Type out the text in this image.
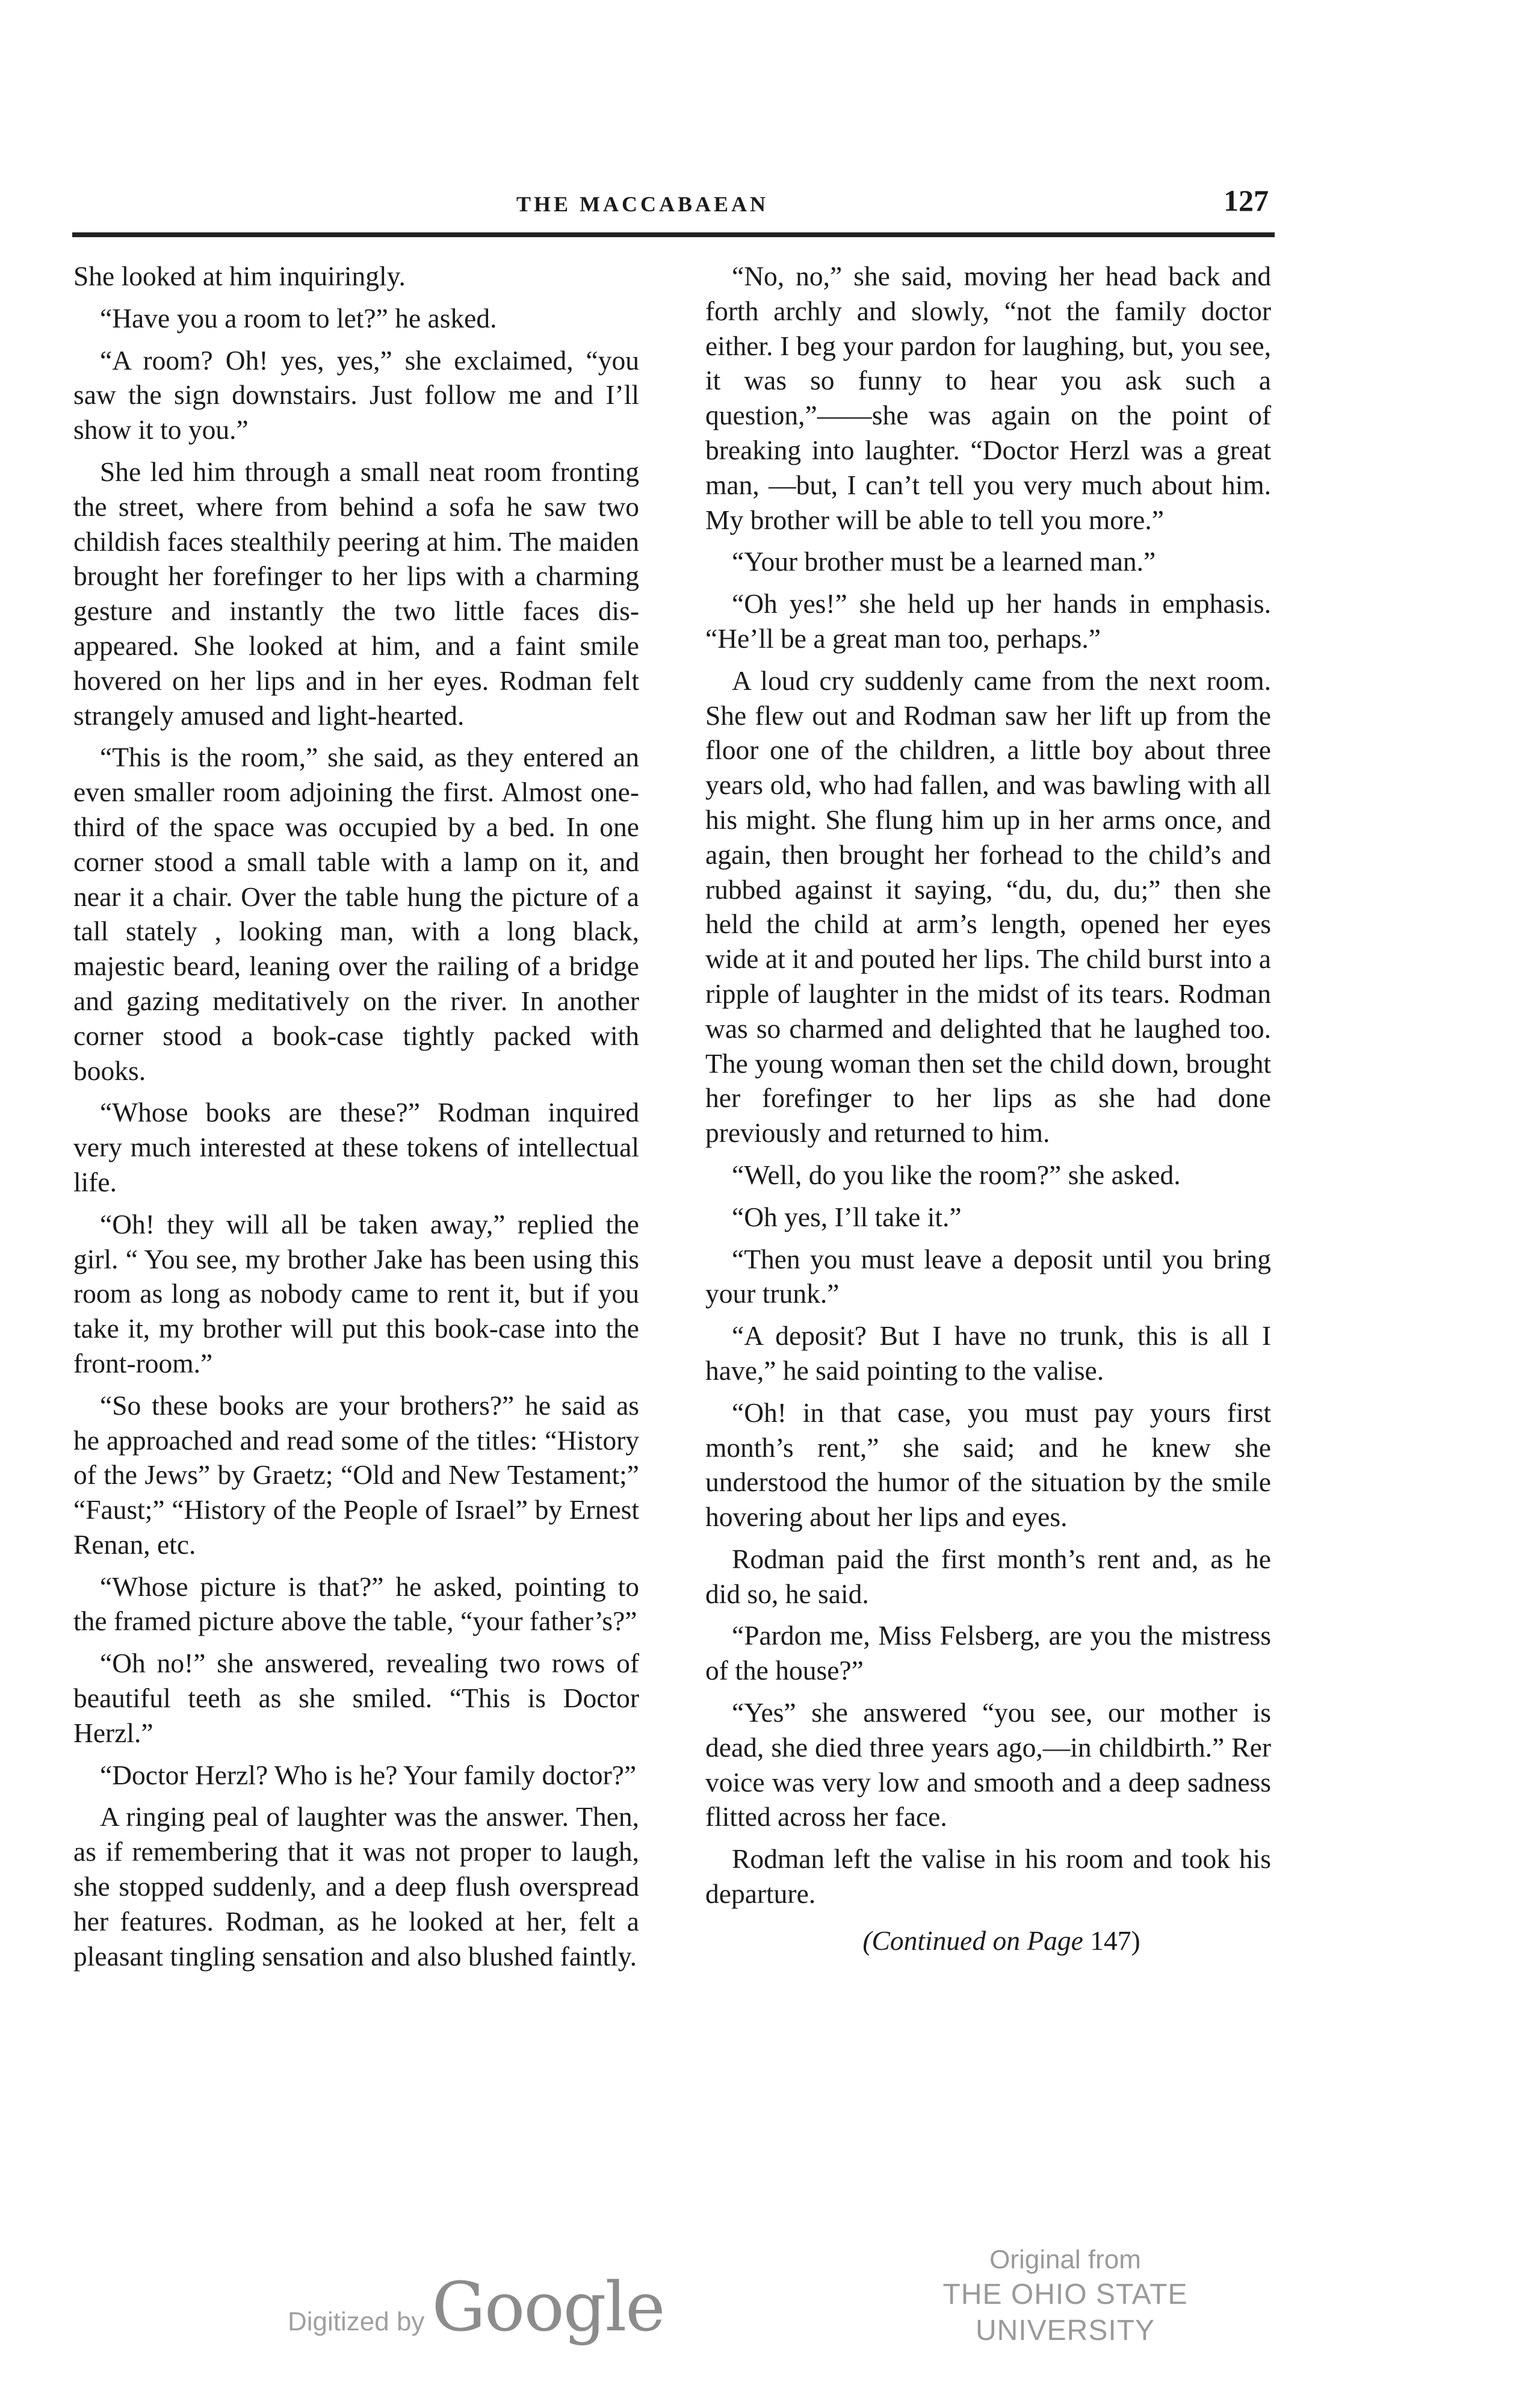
THE MACCABAEAN	127

She looked at him inquiringly.

“Have you a room to let?” he asked.

“A room? Oh! yes, yes,” she exclaimed, “you saw the sign downstairs. Just follow me and I’ll show it to you.”

She led him through a small neat room fronting the street, where from behind a sofa he saw two childish faces stealthily peering at him. The maiden brought her forefinger to her lips with a charming gesture and instantly the two little faces disappeared. She looked at him, and a faint smile hovered on her lips and in her eyes. Rodman felt strangely amused and light-hearted.

“This is the room,” she said, as they entered an even smaller room adjoining the first. Almost one-third of the space was occupied by a bed. In one corner stood a small table with a lamp on it, and near it a chair. Over the table hung the picture of a tall stately , looking man, with a long black, majestic beard, leaning over the railing of a bridge and gazing meditatively on the river. In another corner stood a book-case tightly packed with books.

“Whose books are these?” Rodman inquired very much interested at these tokens of intellectual life.

“Oh! they will all be taken away,” replied the girl. “ You see, my brother Jake has been using this room as long as nobody came to rent it, but if you take it, my brother will put this book-case into the front-room.”

“So these books are your brothers?” he said as he approached and read some of the titles: “History of the Jews” by Graetz; “Old and New Testament;” “Faust;” “History of the People of Israel” by Ernest Renan, etc.

“Whose picture is that?” he asked, pointing to the framed picture above the table, “your father’s?”

“Oh no!” she answered, revealing two rows of beautiful teeth as she smiled. “This is Doctor Herzl.”

“Doctor Herzl? Who is he? Your family doctor?”

A ringing peal of laughter was the answer. Then, as if remembering that it was not proper to laugh, she stopped suddenly, and a deep flush overspread her features. Rodman, as he looked at her, felt a pleasant tingling sensation and also blushed faintly.

“No, no,” she said, moving her head back and forth archly and slowly, “not the family doctor either. I beg your pardon for laughing, but, you see, it was so funny to hear you ask such a question,”——she was again on the point of breaking into laughter. “Doctor Herzl was a great man, —but, I can’t tell you very much about him. My brother will be able to tell you more.”

“Your brother must be a learned man.”

“Oh yes!” she held up her hands in emphasis. “He’ll be a great man too, perhaps.”

A loud cry suddenly came from the next room. She flew out and Rodman saw her lift up from the floor one of the children, a little boy about three years old, who had fallen, and was bawling with all his might. She flung him up in her arms once, and again, then brought her forhead to the child’s and rubbed against it saying, “du, du, du;” then she held the child at arm’s length, opened her eyes wide at it and pouted her lips. The child burst into a ripple of laughter in the midst of its tears. Rodman was so charmed and delighted that he laughed too. The young woman then set the child down, brought her forefinger to her lips as she had done previously and returned to him.

“Well, do you like the room?” she asked.

“Oh yes, I’ll take it.”

“Then you must leave a deposit until you bring your trunk.”

“A deposit? But I have no trunk, this is all I have,” he said pointing to the valise.

“Oh! in that case, you must pay yours first month’s rent,” she said; and he knew she understood the humor of the situation by the smile hovering about her lips and eyes.

Rodman paid the first month’s rent and, as he did so, he said.

“Pardon me, Miss Felsberg, are you the mistress of the house?”

“Yes” she answered “you see, our mother is dead, she died three years ago,—in childbirth.” Rer voice was very low and smooth and a deep sadness flitted across her face.

Rodman left the valise in his room and took his departure.

(Continued on Page 147)

Digitized by Google
Original from
THE OHIO STATE UNIVERSITY
